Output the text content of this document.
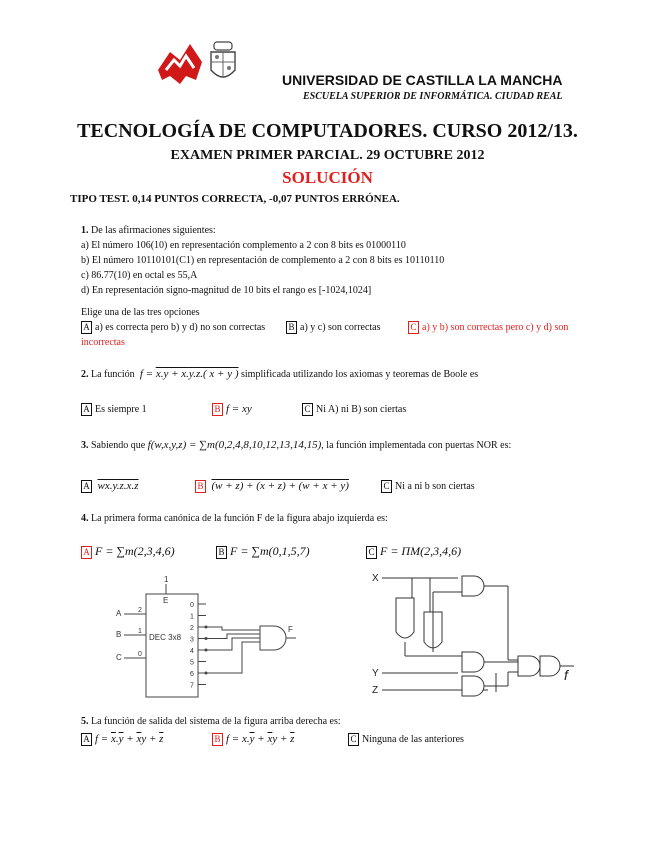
UNIVERSIDAD DE CASTILLA LA MANCHA
ESCUELA SUPERIOR DE INFORMÁTICA. CIUDAD REAL
TECNOLOGÍA DE COMPUTADORES. CURSO 2012/13.
EXAMEN PRIMER PARCIAL. 29 OCTUBRE 2012
SOLUCIÓN
TIPO TEST. 0,14 PUNTOS CORRECTA, -0,07 PUNTOS ERRÓNEA.
1. De las afirmaciones siguientes:
a) El número 106(10) en representación complemento a 2 con 8 bits es 01000110
b) El número 10110101(C1) en representación de complemento a 2 con 8 bits es 10110110
c) 86.77(10) en octal es 55,A
d) En representación signo-magnitud de 10 bits el rango es [-1024,1024]
Elige una de las tres opciones
A a) es correcta pero b) y d) no son correctas	B a) y c) son correctas	C a) y b) son correctas pero c) y d) son
incorrectas
2. La función  f = x.y + x.y.z.( x + y ) simplificada utilizando los axiomas y teoremas de Boole es
A Es siempre 1	B f = xy	C Ni A) ni B) son ciertas
3. Sabiendo que f(w,x,y,z) = ∑m(0,2,4,8,10,12,13,14,15), la función implementada con puertas NOR es:
A wx.y.z.x.z	B (w + z) + (x + z) + (w + x + y)	C Ni a ni b son ciertas
4. La primera forma canónica de la función F de la figura abajo izquierda es:
A F = ∑m(2,3,4,6)	B F = ∑m(0,1,5,7)	C F = ΠM(2,3,4,6)
1
E
DEC 3x8
A
B
C
2
1
0
0
1
2
3
4
5
6
7
F
X
Y
Z
f
5. La función de salida del sistema de la figura arriba derecha es:
A $f = \overline{x}.\overline{y} + \overline{x}y + \overline{z}$	B $f = x.\overline{y} + \overline{x}y + \overline{z}$	C Ninguna de las anteriores
